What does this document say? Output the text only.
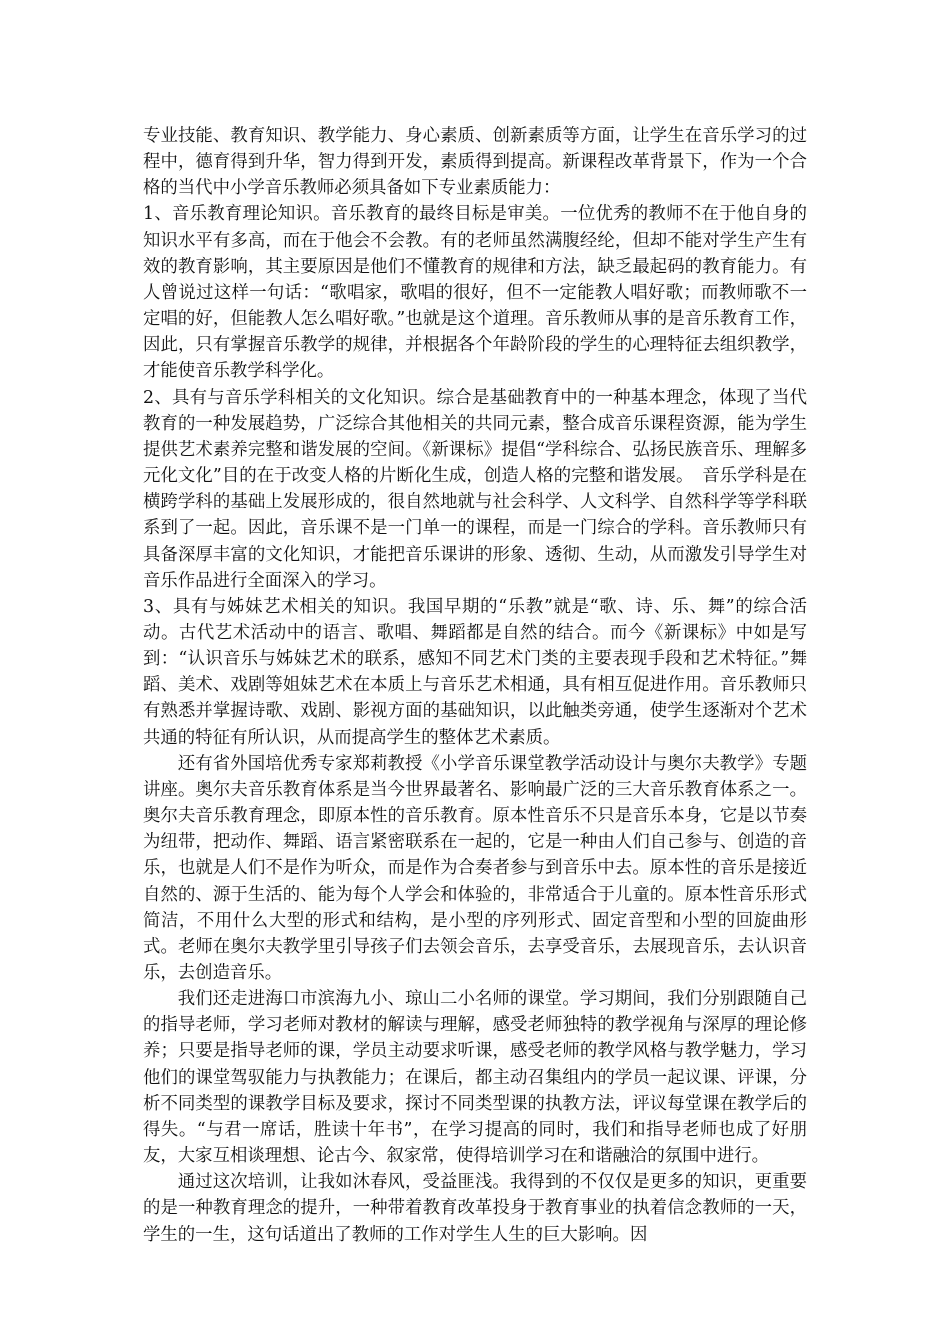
专业技能、教育知识、教学能力、身心素质、创新素质等方面，让学生在音乐学习的过程中，德育得到升华，智力得到开发，素质得到提高。新课程改革背景下，作为一个合格的当代中小学音乐教师必须具备如下专业素质能力：

1、音乐教育理论知识。音乐教育的最终目标是审美。一位优秀的教师不在于他自身的知识水平有多高，而在于他会不会教。有的老师虽然满腹经纶，但却不能对学生产生有效的教育影响，其主要原因是他们不懂教育的规律和方法，缺乏最起码的教育能力。有人曾说过这样一句话：“歌唱家，歌唱的很好，但不一定能教人唱好歌；而教师歌不一定唱的好，但能教人怎么唱好歌。”也就是这个道理。音乐教师从事的是音乐教育工作，因此，只有掌握音乐教学的规律，并根据各个年龄阶段的学生的心理特征去组织教学，才能使音乐教学科学化。

2、具有与音乐学科相关的文化知识。综合是基础教育中的一种基本理念，体现了当代教育的一种发展趋势，广泛综合其他相关的共同元素，整合成音乐课程资源，能为学生提供艺术素养完整和谐发展的空间。《新课标》提倡“学科综合、弘扬民族音乐、理解多元化文化”目的在于改变人格的片断化生成，创造人格的完整和谐发展。　音乐学科是在横跨学科的基础上发展形成的，很自然地就与社会科学、人文科学、自然科学等学科联系到了一起。因此，音乐课不是一门单一的课程，而是一门综合的学科。音乐教师只有具备深厚丰富的文化知识，才能把音乐课讲的形象、透彻、生动，从而激发引导学生对音乐作品进行全面深入的学习。

3、具有与姊妹艺术相关的知识。我国早期的“乐教”就是“歌、诗、乐、舞”的综合活动。古代艺术活动中的语言、歌唱、舞蹈都是自然的结合。而今《新课标》中如是写到：“认识音乐与姊妹艺术的联系，感知不同艺术门类的主要表现手段和艺术特征。”舞蹈、美术、戏剧等姐妹艺术在本质上与音乐艺术相通，具有相互促进作用。音乐教师只有熟悉并掌握诗歌、戏剧、影视方面的基础知识，以此触类旁通，使学生逐渐对个艺术共通的特征有所认识，从而提高学生的整体艺术素质。

还有省外国培优秀专家郑莉教授《小学音乐课堂教学活动设计与奥尔夫教学》专题讲座。奥尔夫音乐教育体系是当今世界最著名、影响最广泛的三大音乐教育体系之一。奥尔夫音乐教育理念，即原本性的音乐教育。原本性音乐不只是音乐本身，它是以节奏为纽带，把动作、舞蹈、语言紧密联系在一起的，它是一种由人们自己参与、创造的音乐，也就是人们不是作为听众，而是作为合奏者参与到音乐中去。原本性的音乐是接近自然的、源于生活的、能为每个人学会和体验的，非常适合于儿童的。原本性音乐形式简洁，不用什么大型的形式和结构，是小型的序列形式、固定音型和小型的回旋曲形式。老师在奥尔夫教学里引导孩子们去领会音乐，去享受音乐，去展现音乐，去认识音乐，去创造音乐。

我们还走进海口市滨海九小、琼山二小名师的课堂。学习期间，我们分别跟随自己的指导老师，学习老师对教材的解读与理解，感受老师独特的教学视角与深厚的理论修养；只要是指导老师的课，学员主动要求听课，感受老师的教学风格与教学魅力，学习他们的课堂驾驭能力与执教能力；在课后，都主动召集组内的学员一起议课、评课，分析不同类型的课教学目标及要求，探讨不同类型课的执教方法，评议每堂课在教学后的得失。“与君一席话，胜读十年书”，在学习提高的同时，我们和指导老师也成了好朋友，大家互相谈理想、论古今、叙家常，使得培训学习在和谐融洽的氛围中进行。

通过这次培训，让我如沐春风，受益匪浅。我得到的不仅仅是更多的知识，更重要的是一种教育理念的提升，一种带着教育改革投身于教育事业的执着信念教师的一天，学生的一生，这句话道出了教师的工作对学生人生的巨大影响。因
